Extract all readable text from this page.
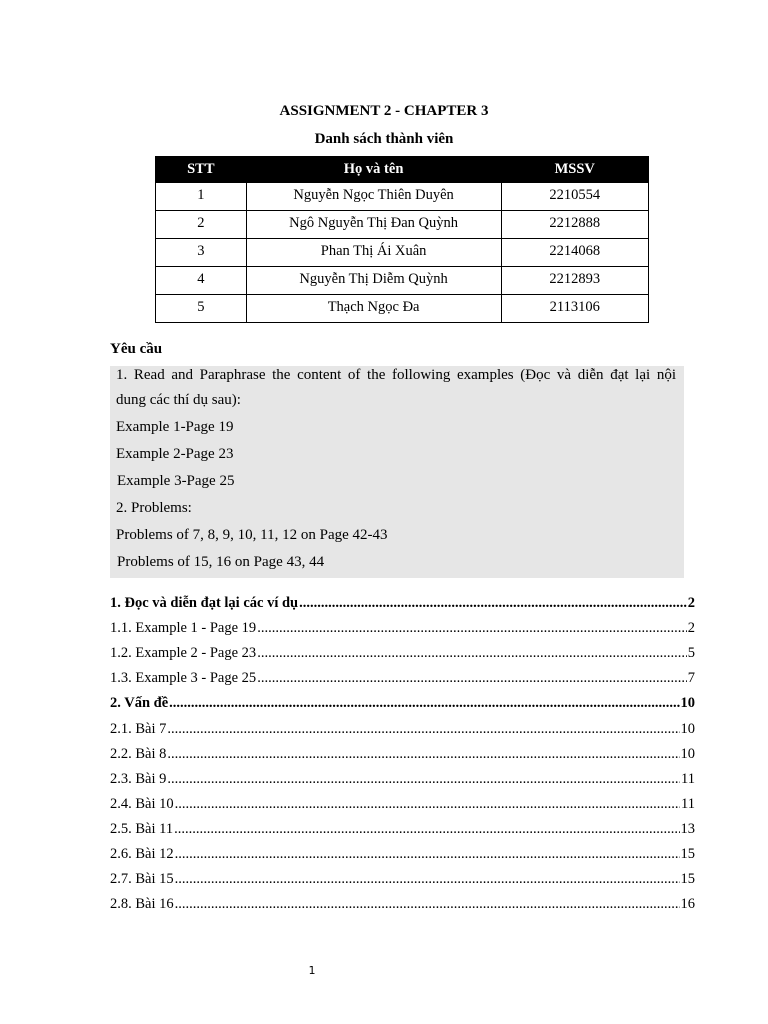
ASSIGNMENT 2 - CHAPTER 3
Danh sách thành viên
STT	Họ và tên	MSSV
1	Nguyễn Ngọc Thiên Duyên	2210554
2	Ngô Nguyễn Thị Đan Quỳnh	2212888
3	Phan Thị Ái Xuân	2214068
4	Nguyễn Thị Diễm Quỳnh	2212893
5	Thạch Ngọc Đa	2113106
Yêu cầu
1. Read and Paraphrase the content of the following examples (Đọc và diễn đạt lại nội
dung các thí dụ sau):
Example 1-Page 19
Example 2-Page 23
Example 3-Page 25
2. Problems:
Problems of 7, 8, 9, 10, 11, 12 on Page 42-43
Problems of 15, 16 on Page 43, 44
1. Đọc và diễn đạt lại các ví dụ .....	2
1.1. Example 1 - Page 19 .....	2
1.2. Example 2 - Page 23 .....	5
1.3. Example 3 - Page 25 .....	7
2. Vấn đề .....	10
2.1. Bài 7 .....	10
2.2. Bài 8 .....	10
2.3. Bài 9 .....	11
2.4. Bài 10 .....	11
2.5. Bài 11 .....	13
2.6. Bài 12 .....	15
2.7. Bài 15 .....	15
2.8. Bài 16 .....	16
1
